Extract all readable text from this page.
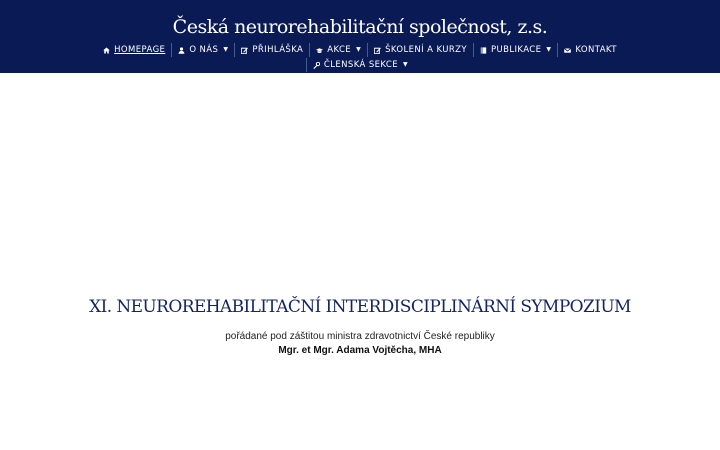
Česká neurorehabilitační společnost, z.s.
HOMEPAGE	O NÁS ▼	PŘIHLÁŠKA	AKCE ▼	ŠKOLENÍ A KURZY	PUBLIKACE ▼	KONTAKT
ČLENSKÁ SEKCE ▼
XI. NEUROREHABILITAČNÍ INTERDISCIPLINÁRNÍ SYMPOZIUM
pořádané pod záštitou ministra zdravotnictví České republiky
Mgr. et Mgr. Adama Vojtěcha, MHA
